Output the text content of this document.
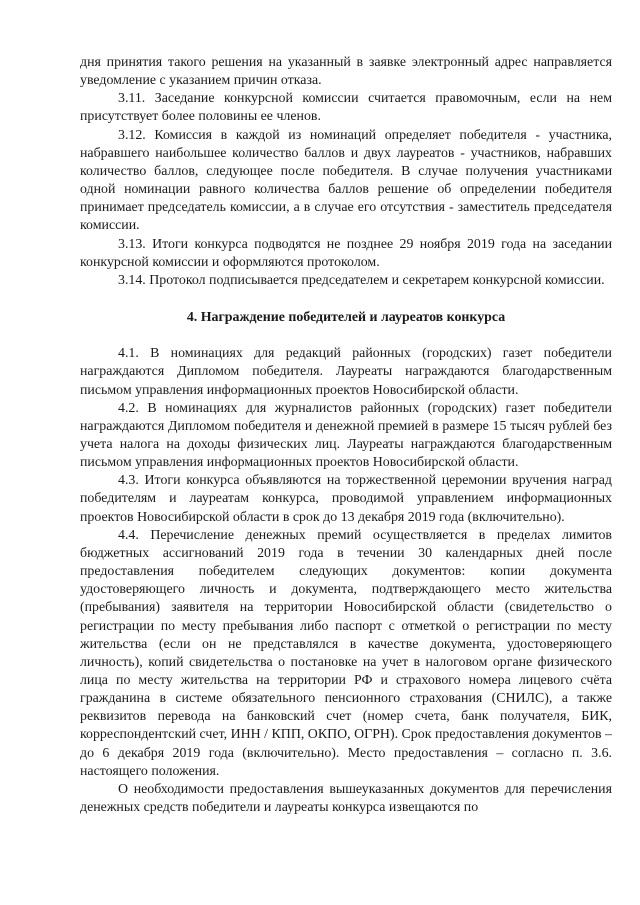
дня принятия такого решения на указанный в заявке электронный адрес направляется уведомление с указанием причин отказа.

3.11. Заседание конкурсной комиссии считается правомочным, если на нем присутствует более половины ее членов.

3.12. Комиссия в каждой из номинаций определяет победителя - участника, набравшего наибольшее количество баллов и двух лауреатов - участников, набравших количество баллов, следующее после победителя. В случае получения участниками одной номинации равного количества баллов решение об определении победителя принимает председатель комиссии, а в случае его отсутствия - заместитель председателя комиссии.

3.13. Итоги конкурса подводятся не позднее 29 ноября 2019 года на заседании конкурсной комиссии и оформляются протоколом.

3.14. Протокол подписывается председателем и секретарем конкурсной комиссии.

4. Награждение победителей и лауреатов конкурса

4.1. В номинациях для редакций районных (городских) газет победители награждаются Дипломом победителя. Лауреаты награждаются благодарственным письмом управления информационных проектов Новосибирской области.

4.2. В номинациях для журналистов районных (городских) газет победители награждаются Дипломом победителя и денежной премией в размере 15 тысяч рублей без учета налога на доходы физических лиц. Лауреаты награждаются благодарственным письмом управления информационных проектов Новосибирской области.

4.3. Итоги конкурса объявляются на торжественной церемонии вручения наград победителям и лауреатам конкурса, проводимой управлением информационных проектов Новосибирской области в срок до 13 декабря 2019 года (включительно).

4.4. Перечисление денежных премий осуществляется в пределах лимитов бюджетных ассигнований 2019 года в течении 30 календарных дней после предоставления победителем следующих документов: копии документа удостоверяющего личность и документа, подтверждающего место жительства (пребывания) заявителя на территории Новосибирской области (свидетельство о регистрации по месту пребывания либо паспорт с отметкой о регистрации по месту жительства (если он не представлялся в качестве документа, удостоверяющего личность), копий свидетельства о постановке на учет в налоговом органе физического лица по месту жительства на территории РФ и страхового номера лицевого счёта гражданина в системе обязательного пенсионного страхования (СНИЛС), а также реквизитов перевода на банковский счет (номер счета, банк получателя, БИК, корреспондентский счет, ИНН / КПП, ОКПО, ОГРН). Срок предоставления документов – до 6 декабря 2019 года (включительно). Место предоставления – согласно п. 3.6. настоящего положения.

О необходимости предоставления вышеуказанных документов для перечисления денежных средств победители и лауреаты конкурса извещаются по
